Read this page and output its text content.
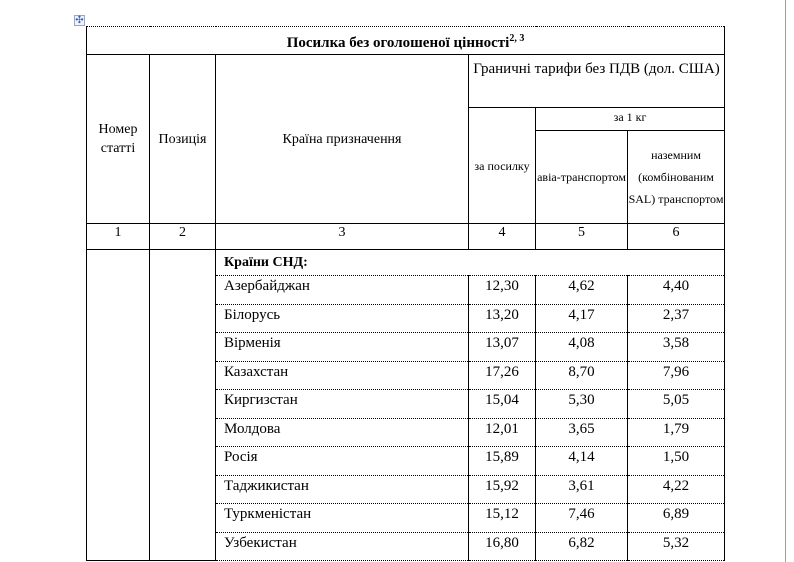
✣
Посилка без оголошеної цінності$^{2, 3}$
Номер статті	Позиція	Країна призначення	Граничні тарифи без ПДВ (дол. США)		
			за посилку	за 1 кг	
				авіа-транспортом	наземним (комбінованим SAL) транспортом
1	2	3	4	5	6
		Країни СНД:			
		Азербайджан	12,30	4,62	4,40
		Білорусь	13,20	4,17	2,37
		Вірменія	13,07	4,08	3,58
		Казахстан	17,26	8,70	7,96
		Киргизстан	15,04	5,30	5,05
		Молдова	12,01	3,65	1,79
		Росія	15,89	4,14	1,50
		Таджикистан	15,92	3,61	4,22
		Туркменістан	15,12	7,46	6,89
		Узбекистан	16,80	6,82	5,32
